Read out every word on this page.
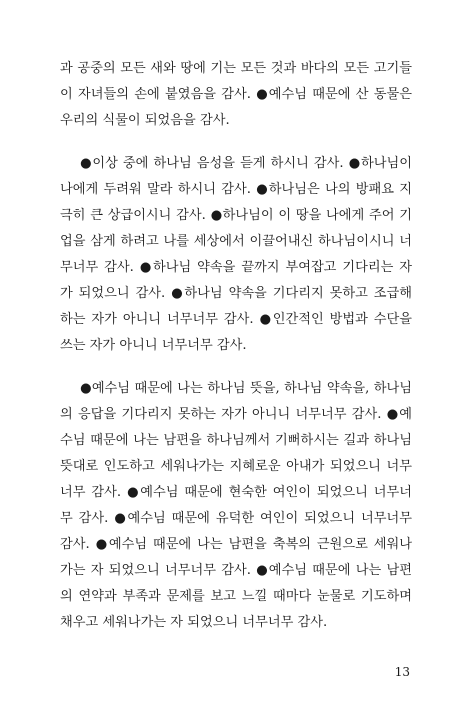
과 공중의 모든 새와 땅에 기는 모든 것과 바다의 모든 고기들
이 자녀들의 손에 붙였음을 감사. ●예수님 때문에 산 동물은
우리의 식물이 되었음을 감사.
●이상 중에 하나님 음성을 듣게 하시니 감사. ●하나님이
나에게 두려워 말라 하시니 감사. ●하나님은 나의 방패요 지
극히 큰 상급이시니 감사. ●하나님이 이 땅을 나에게 주어 기
업을 삼게 하려고 나를 세상에서 이끌어내신 하나님이시니 너
무너무 감사. ●하나님 약속을 끝까지 부여잡고 기다리는 자
가 되었으니 감사. ●하나님 약속을 기다리지 못하고 조급해
하는 자가 아니니 너무너무 감사. ●인간적인 방법과 수단을
쓰는 자가 아니니 너무너무 감사.
●예수님 때문에 나는 하나님 뜻을, 하나님 약속을, 하나님
의 응답을 기다리지 못하는 자가 아니니 너무너무 감사. ●예
수님 때문에 나는 남편을 하나님께서 기뻐하시는 길과 하나님
뜻대로 인도하고 세워나가는 지혜로운 아내가 되었으니 너무
너무 감사. ●예수님 때문에 현숙한 여인이 되었으니 너무너
무 감사. ●예수님 때문에 유덕한 여인이 되었으니 너무너무
감사. ●예수님 때문에 나는 남편을 축복의 근원으로 세워나
가는 자 되었으니 너무너무 감사. ●예수님 때문에 나는 남편
의 연약과 부족과 문제를 보고 느낄 때마다 눈물로 기도하며
채우고 세워나가는 자 되었으니 너무너무 감사.
13
